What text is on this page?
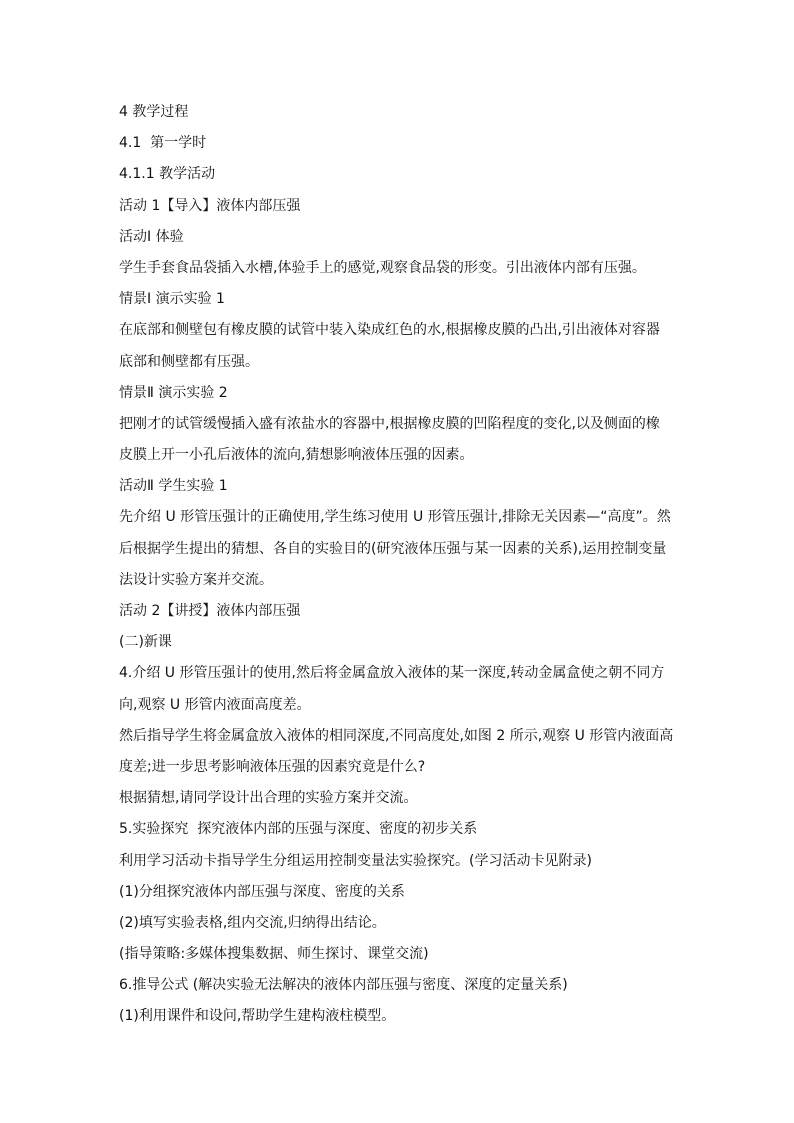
4 教学过程
4.1  第一学时
4.1.1 教学活动
活动 1【导入】液体内部压强
活动Ⅰ 体验
学生手套食品袋插入水槽,体验手上的感觉,观察食品袋的形变。引出液体内部有压强。
情景Ⅰ 演示实验 1
在底部和侧壁包有橡皮膜的试管中装入染成红色的水,根据橡皮膜的凸出,引出液体对容器
底部和侧壁都有压强。
情景Ⅱ 演示实验 2
把刚才的试管缓慢插入盛有浓盐水的容器中,根据橡皮膜的凹陷程度的变化,以及侧面的橡
皮膜上开一小孔后液体的流向,猜想影响液体压强的因素。
活动Ⅱ 学生实验 1
先介绍 U 形管压强计的正确使用,学生练习使用 U 形管压强计,排除无关因素—“高度”。然
后根据学生提出的猜想、各自的实验目的(研究液体压强与某一因素的关系),运用控制变量
法设计实验方案并交流。
活动 2【讲授】液体内部压强
(二)新课
4.介绍 U 形管压强计的使用,然后将金属盒放入液体的某一深度,转动金属盒使之朝不同方
向,观察 U 形管内液面高度差。
然后指导学生将金属盒放入液体的相同深度,不同高度处,如图 2 所示,观察 U 形管内液面高
度差;进一步思考影响液体压强的因素究竟是什么?
根据猜想,请同学设计出合理的实验方案并交流。
5.实验探究  探究液体内部的压强与深度、密度的初步关系
利用学习活动卡指导学生分组运用控制变量法实验探究。(学习活动卡见附录)
(1)分组探究液体内部压强与深度、密度的关系
(2)填写实验表格,组内交流,归纳得出结论。
(指导策略:多媒体搜集数据、师生探讨、课堂交流)
6.推导公式 (解决实验无法解决的液体内部压强与密度、深度的定量关系)
(1)利用课件和设问,帮助学生建构液柱模型。
